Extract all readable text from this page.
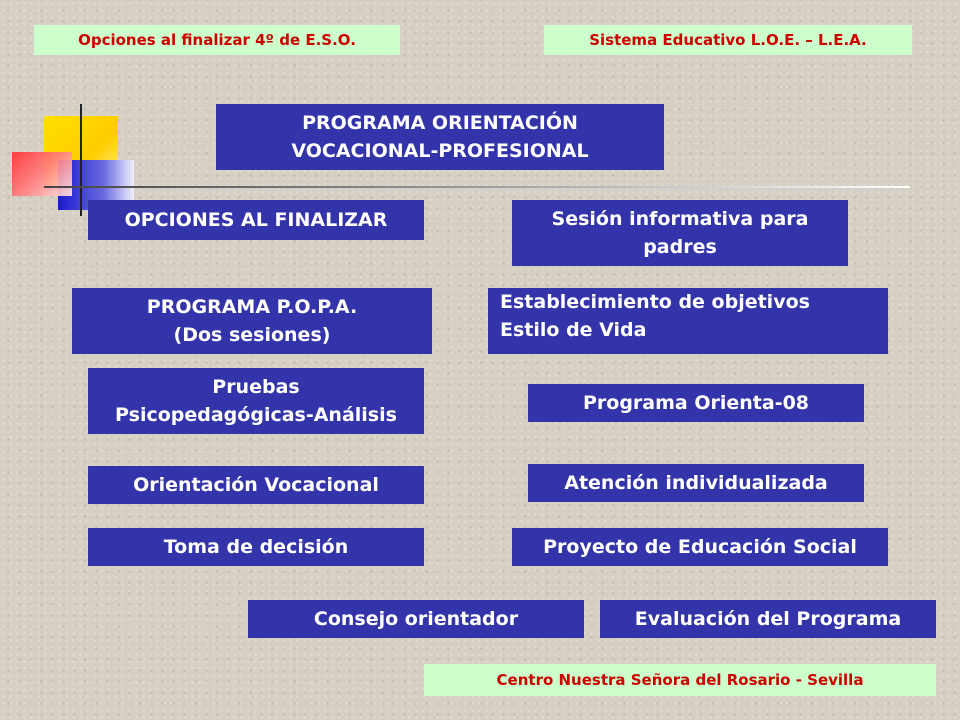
Opciones al finalizar 4º de E.S.O.	Sistema Educativo L.O.E. – L.E.A.
PROGRAMA ORIENTACIÓN
VOCACIONAL-PROFESIONAL
OPCIONES AL FINALIZAR
PROGRAMA P.O.P.A.
(Dos sesiones)
Pruebas
Psicopedagógicas-Análisis
Orientación Vocacional
Toma de decisión
Consejo orientador
Sesión informativa para
padres
Establecimiento de objetivos
Estilo de Vida
Programa Orienta-08
Atención individualizada
Proyecto de Educación Social
Evaluación del Programa
Centro Nuestra Señora del Rosario - Sevilla
